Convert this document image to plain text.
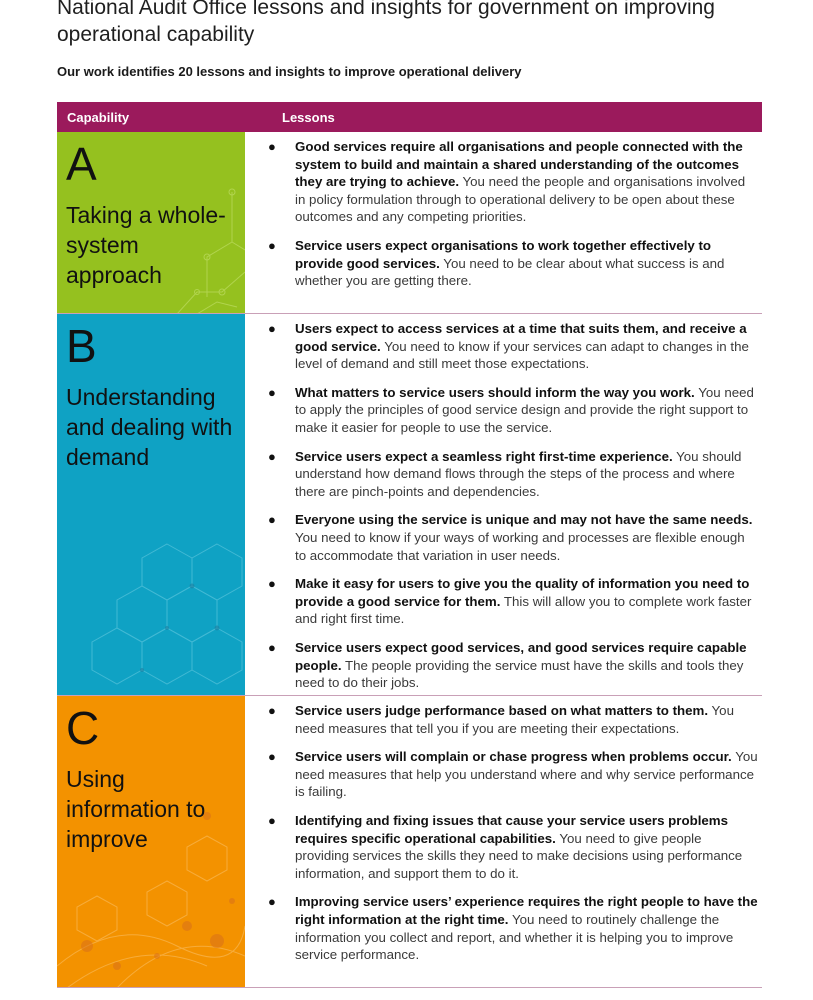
National Audit Office lessons and insights for government on improving operational capability
Our work identifies 20 lessons and insights to improve operational delivery
Capability	Lessons
A
Taking a whole-system approach
● Good services require all organisations and people connected with the system to build and maintain a shared understanding of the outcomes they are trying to achieve. You need the people and organisations involved in policy formulation through to operational delivery to be open about these outcomes and any competing priorities.
● Service users expect organisations to work together effectively to provide good services. You need to be clear about what success is and whether you are getting there.
B
Understanding and dealing with demand
● Users expect to access services at a time that suits them, and receive a good service. You need to know if your services can adapt to changes in the level of demand and still meet those expectations.
● What matters to service users should inform the way you work. You need to apply the principles of good service design and provide the right support to make it easier for people to use the service.
● Service users expect a seamless right first-time experience. You should understand how demand flows through the steps of the process and where there are pinch-points and dependencies.
● Everyone using the service is unique and may not have the same needs. You need to know if your ways of working and processes are flexible enough to accommodate that variation in user needs.
● Make it easy for users to give you the quality of information you need to provide a good service for them. This will allow you to complete work faster and right first time.
● Service users expect good services, and good services require capable people. The people providing the service must have the skills and tools they need to do their jobs.
C
Using information to improve
● Service users judge performance based on what matters to them. You need measures that tell you if you are meeting their expectations.
● Service users will complain or chase progress when problems occur. You need measures that help you understand where and why service performance is failing.
● Identifying and fixing issues that cause your service users problems requires specific operational capabilities. You need to give people providing services the skills they need to make decisions using performance information, and support them to do it.
● Improving service users’ experience requires the right people to have the right information at the right time. You need to routinely challenge the information you collect and report, and whether it is helping you to improve service performance.
